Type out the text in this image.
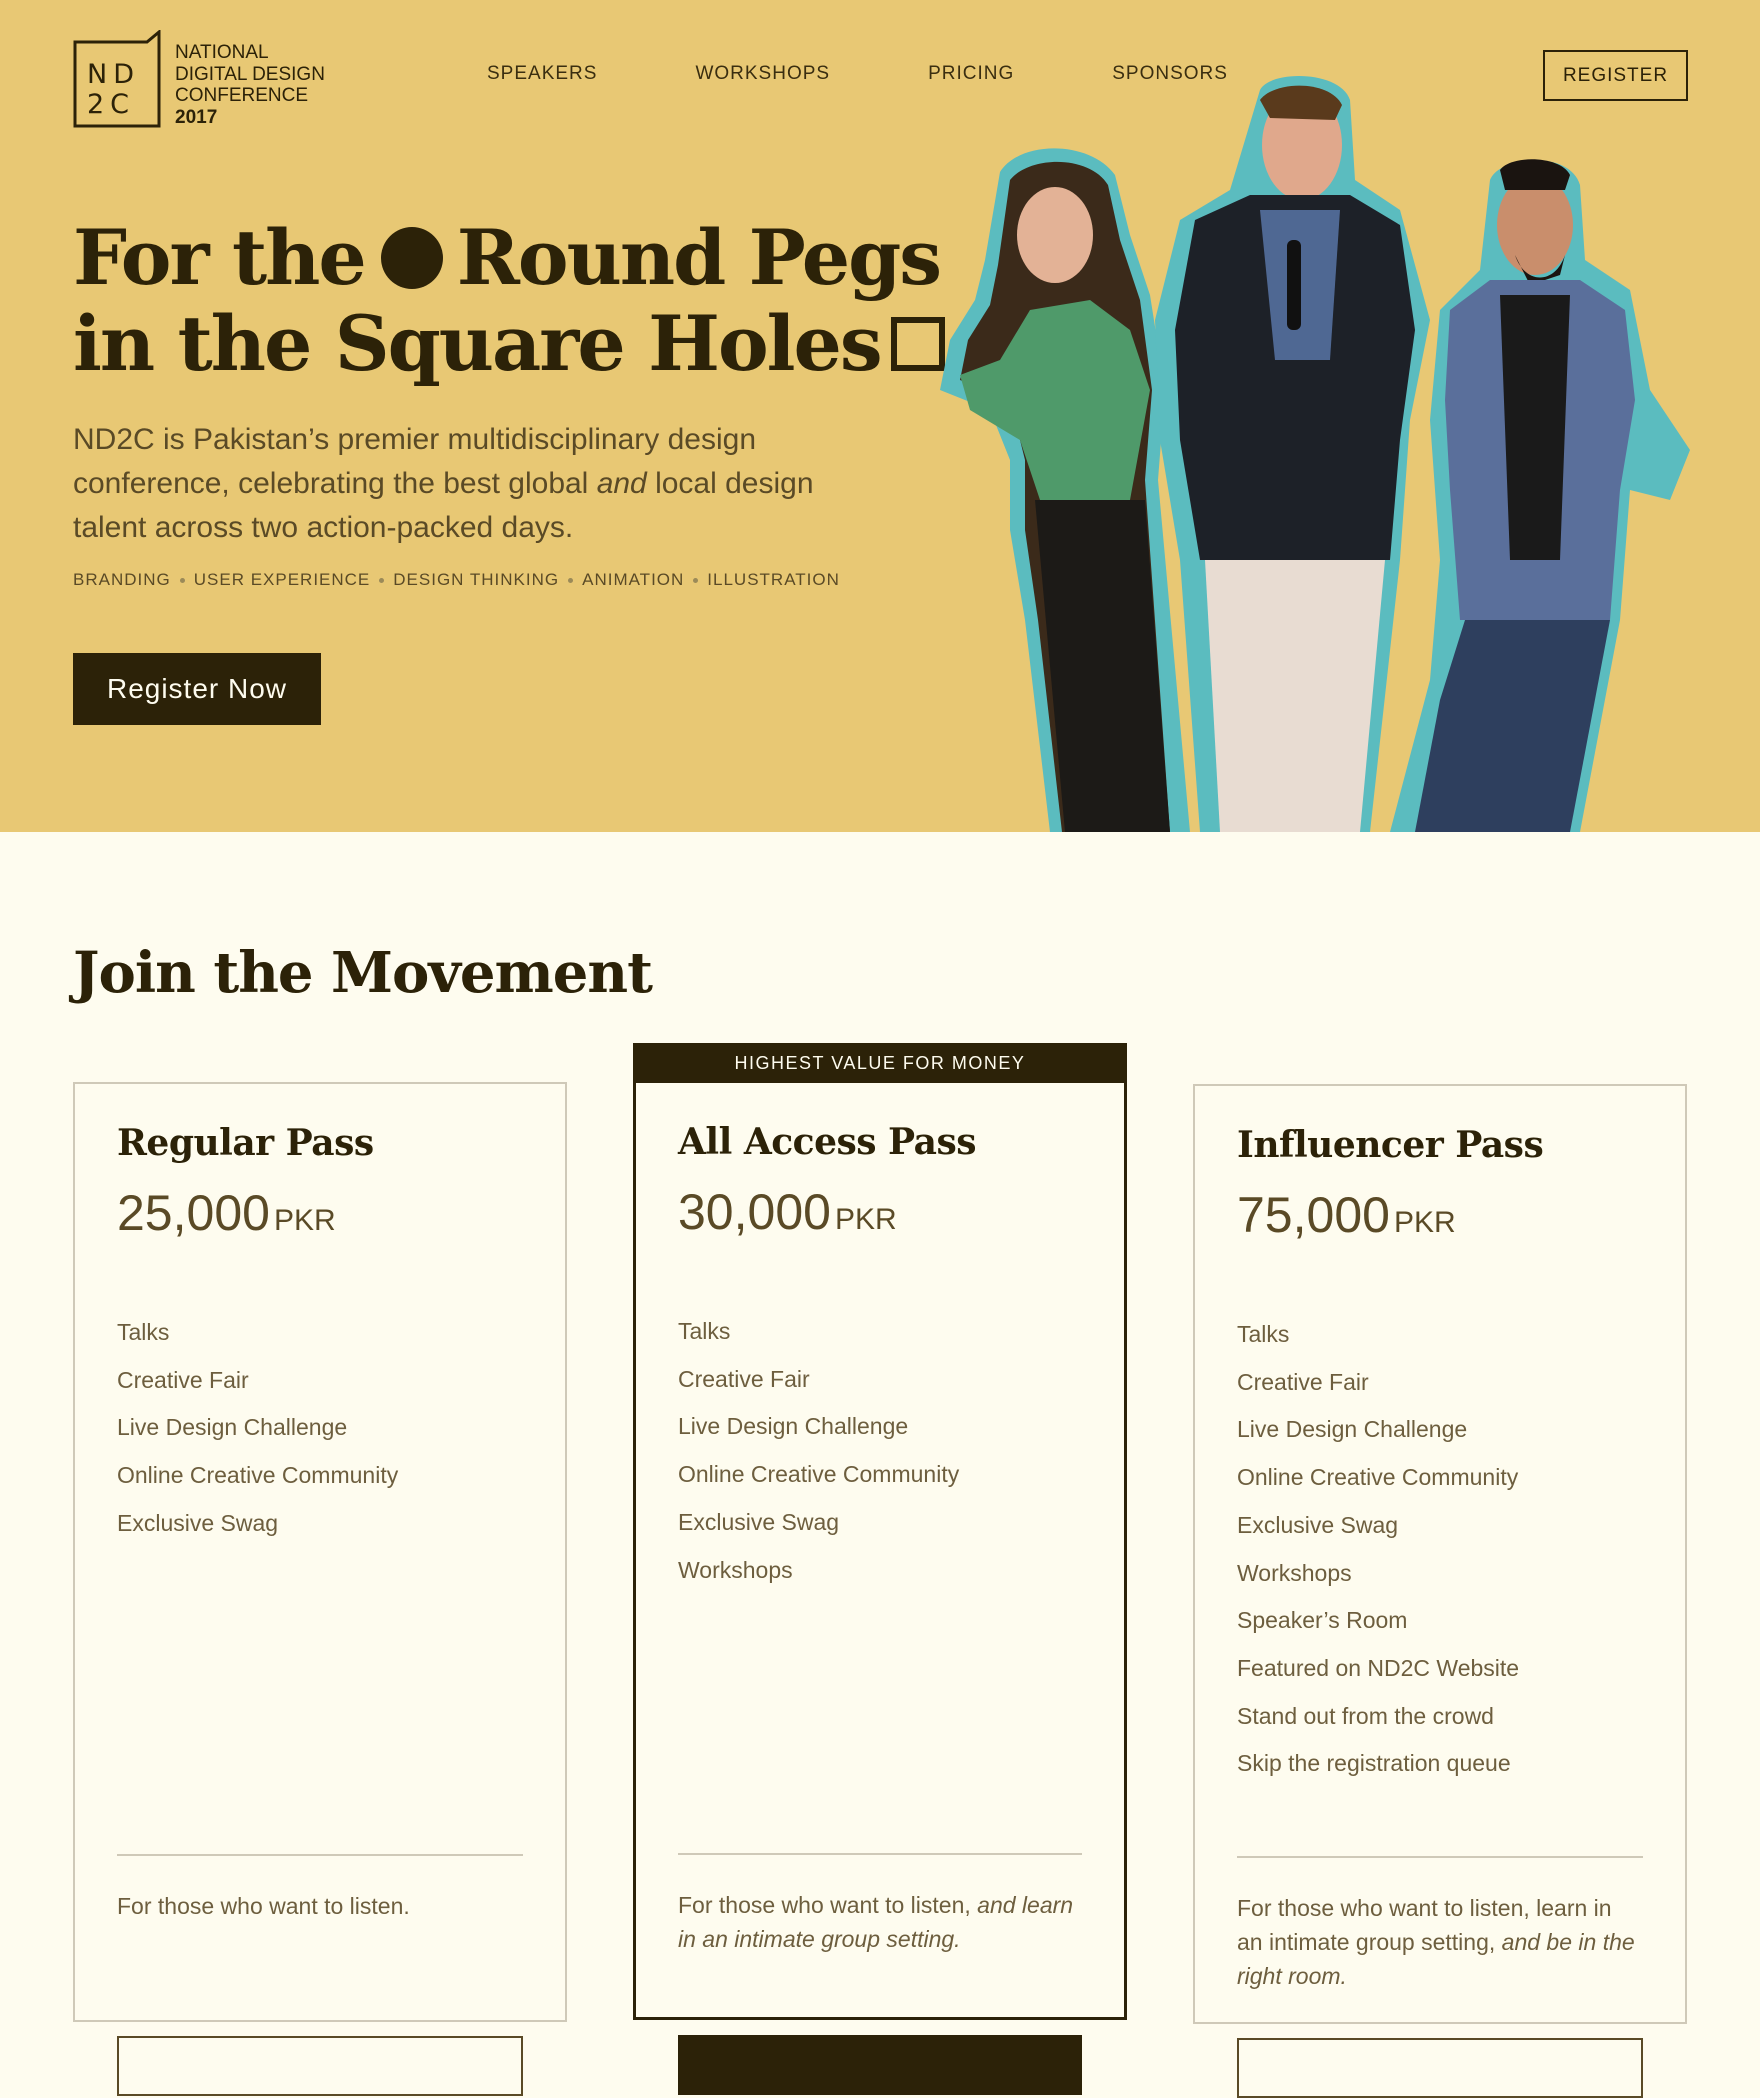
ND
2C
NATIONAL
DIGITAL DESIGN
CONFERENCE
2017
SPEAKERS	WORKSHOPS	PRICING	SPONSORS	REGISTER
For the Round Pegs
in the Square Holes

ND2C is Pakistan’s premier multidisciplinary design conference, celebrating the best global and local design talent across two action-packed days.

BRANDING USER EXPERIENCE DESIGN THINKING ANIMATION ILLUSTRATION
Register Now
Join the Movement
Regular Pass
25,000 PKR
Talks
Creative Fair
Live Design Challenge
Online Creative Community
Exclusive Swag

For those who want to listen.

HIGHEST VALUE FOR MONEY
All Access Pass
30,000 PKR
Talks
Creative Fair
Live Design Challenge
Online Creative Community
Exclusive Swag
Workshops

For those who want to listen, and learn in an intimate group setting.

Influencer Pass
75,000 PKR
Talks
Creative Fair
Live Design Challenge
Online Creative Community
Exclusive Swag
Workshops
Speaker’s Room
Featured on ND2C Website
Stand out from the crowd
Skip the registration queue

For those who want to listen, learn in an intimate group setting, and be in the right room.
